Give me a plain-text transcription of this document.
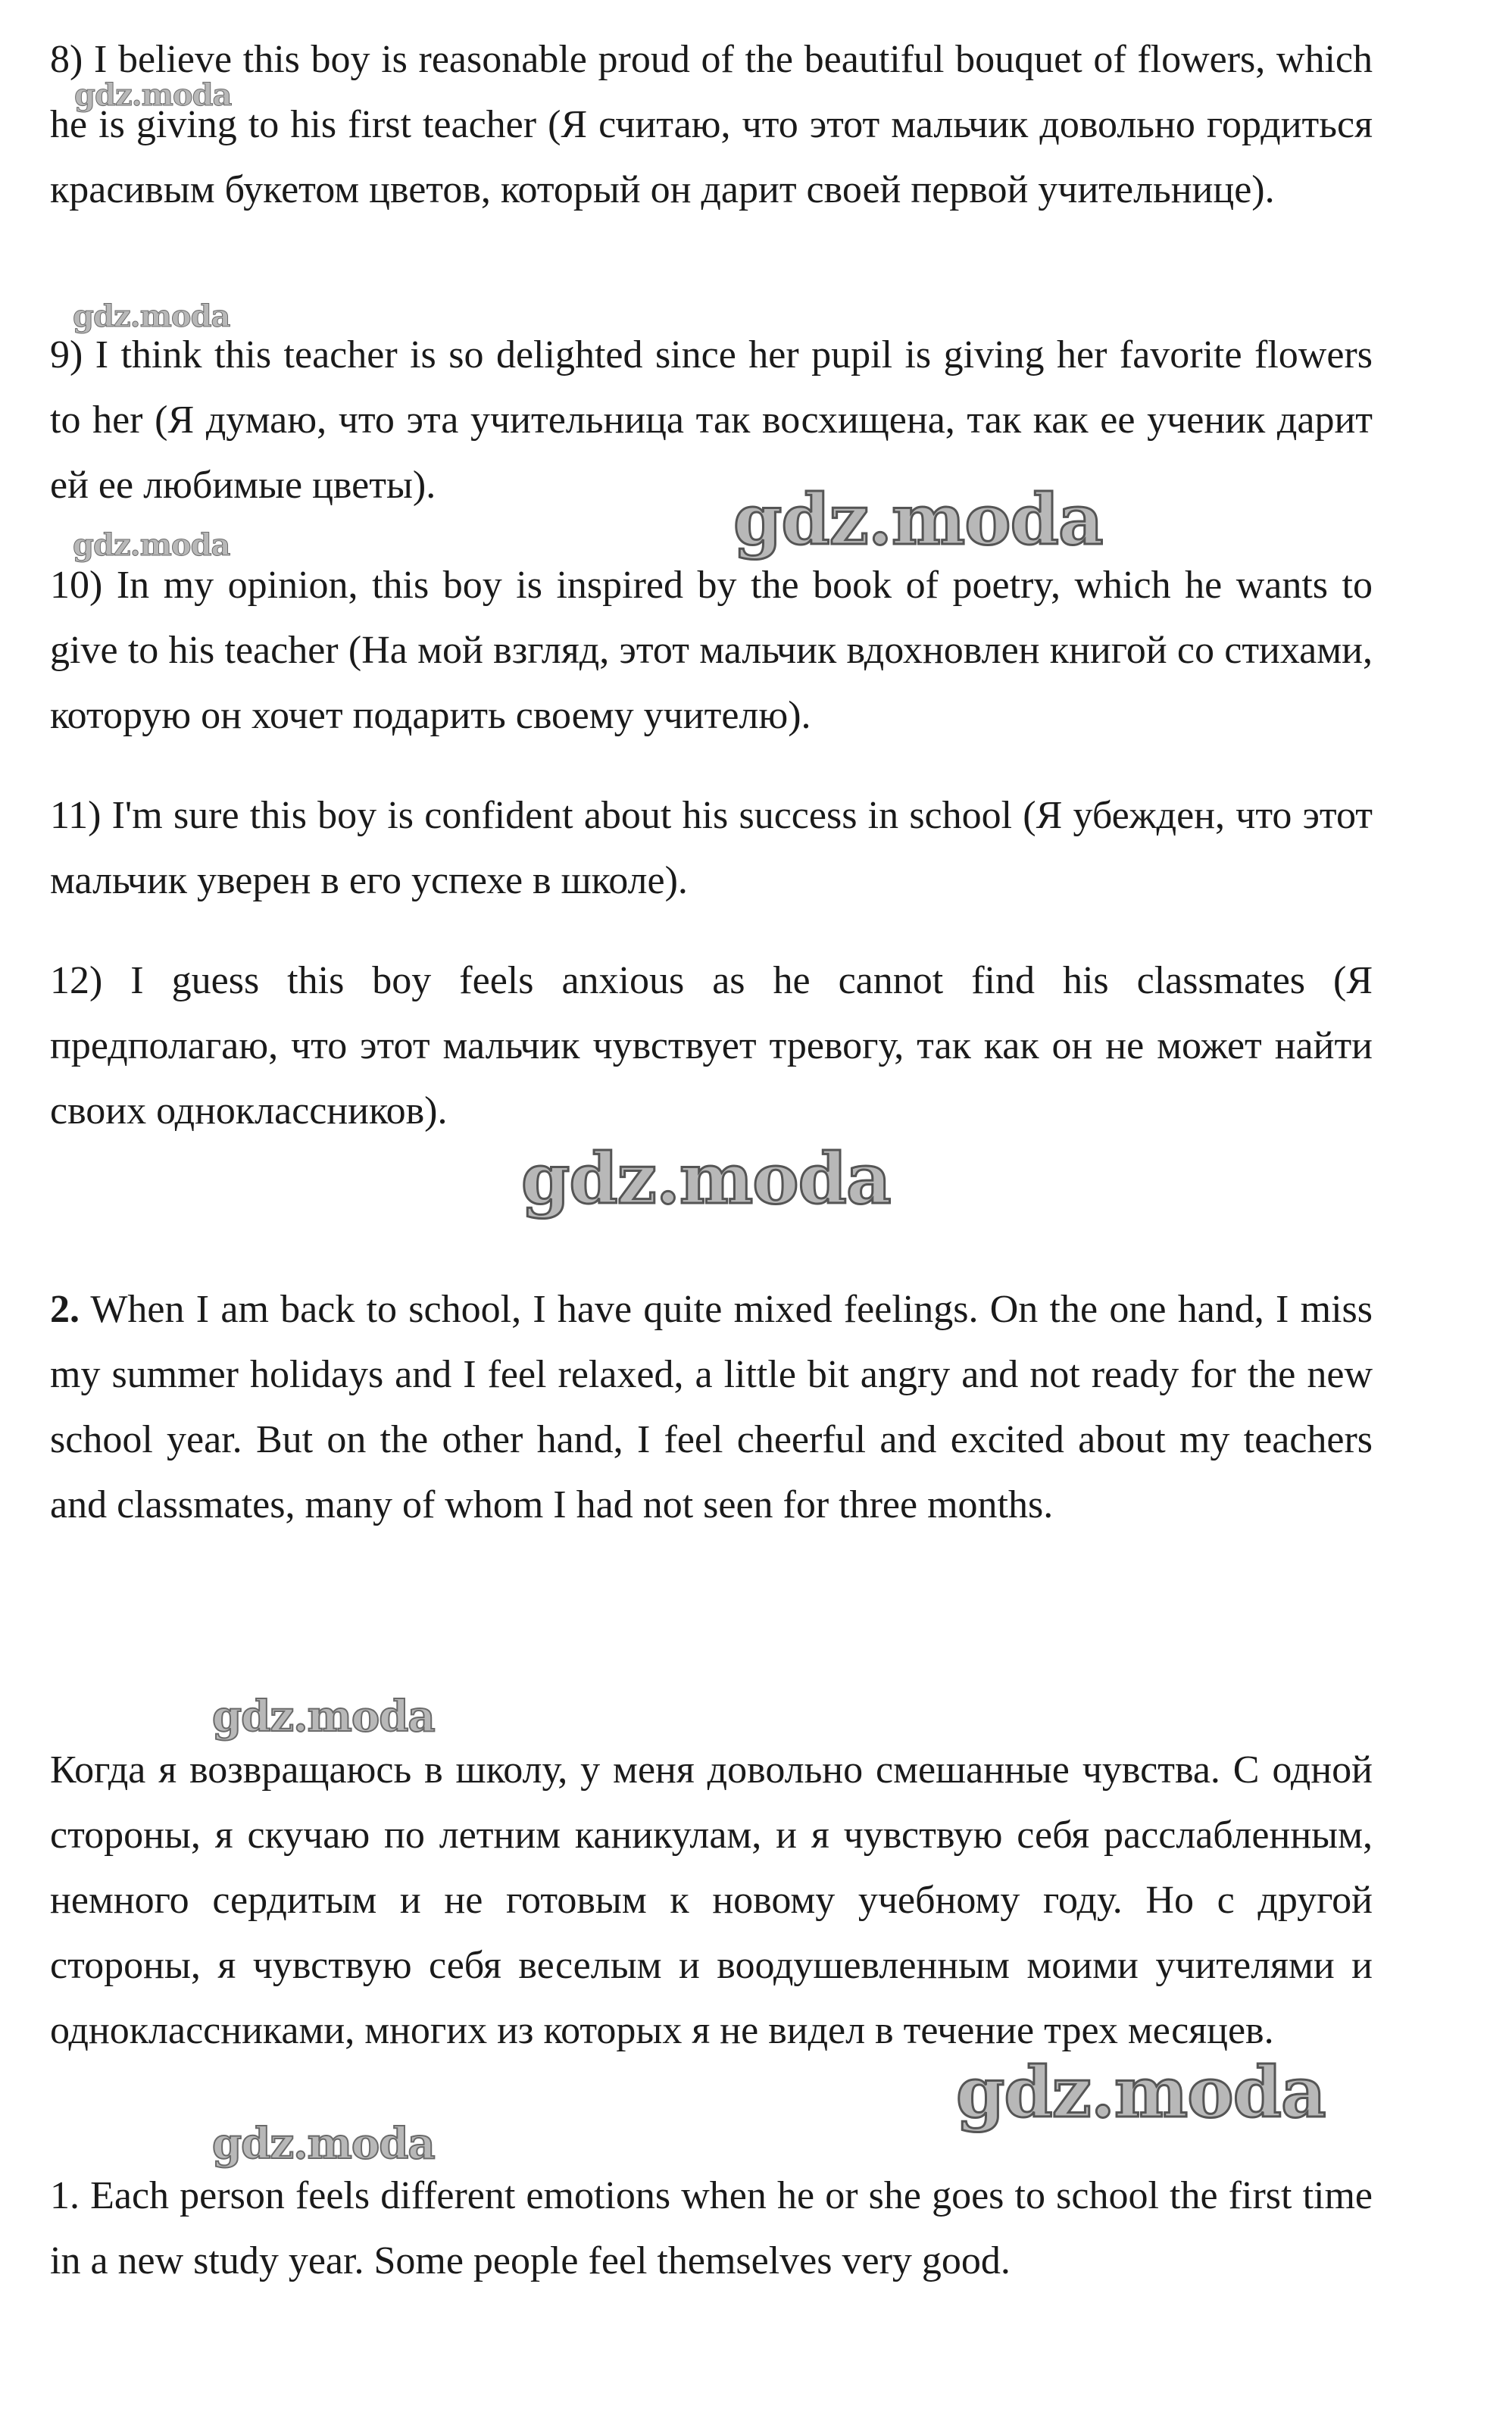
8) I believe this boy is reasonable proud of the beautiful bouquet of flowers, which he is giving to his first teacher (Я считаю, что этот мальчик довольно гордиться красивым букетом цветов, который он дарит своей первой учительнице).

9) I think this teacher is so delighted since her pupil is giving her favorite flowers to her (Я думаю, что эта учительница так восхищена, так как ее ученик дарит ей ее любимые цветы).

10) In my opinion, this boy is inspired by the book of poetry, which he wants to give to his teacher (На мой взгляд, этот мальчик вдохновлен книгой со стихами, которую он хочет подарить своему учителю).

11) I'm sure this boy is confident about his success in school (Я убежден, что этот мальчик уверен в его успехе в школе).

12) I guess this boy feels anxious as he cannot find his classmates (Я предполагаю, что этот мальчик чувствует тревогу, так как он не может найти своих одноклассников).

2. When I am back to school, I have quite mixed feelings. On the one hand, I miss my summer holidays and I feel relaxed, a little bit angry and not ready for the new school year. But on the other hand, I feel cheerful and excited about my teachers and classmates, many of whom I had not seen for three months.

Когда я возвращаюсь в школу, у меня довольно смешанные чувства. С одной стороны, я скучаю по летним каникулам, и я чувствую себя расслабленным, немного сердитым и не готовым к новому учебному году. Но с другой стороны, я чувствую себя веселым и воодушевленным моими учителями и одноклассниками, многих из которых я не видел в течение трех месяцев.

1. Each person feels different emotions when he or she goes to school the first time in a new study year. Some people feel themselves very good.

gdz.moda
gdz.moda
gdz.moda	gdz.moda
gdz.moda
gdz.moda
gdz.moda
gdz.moda
